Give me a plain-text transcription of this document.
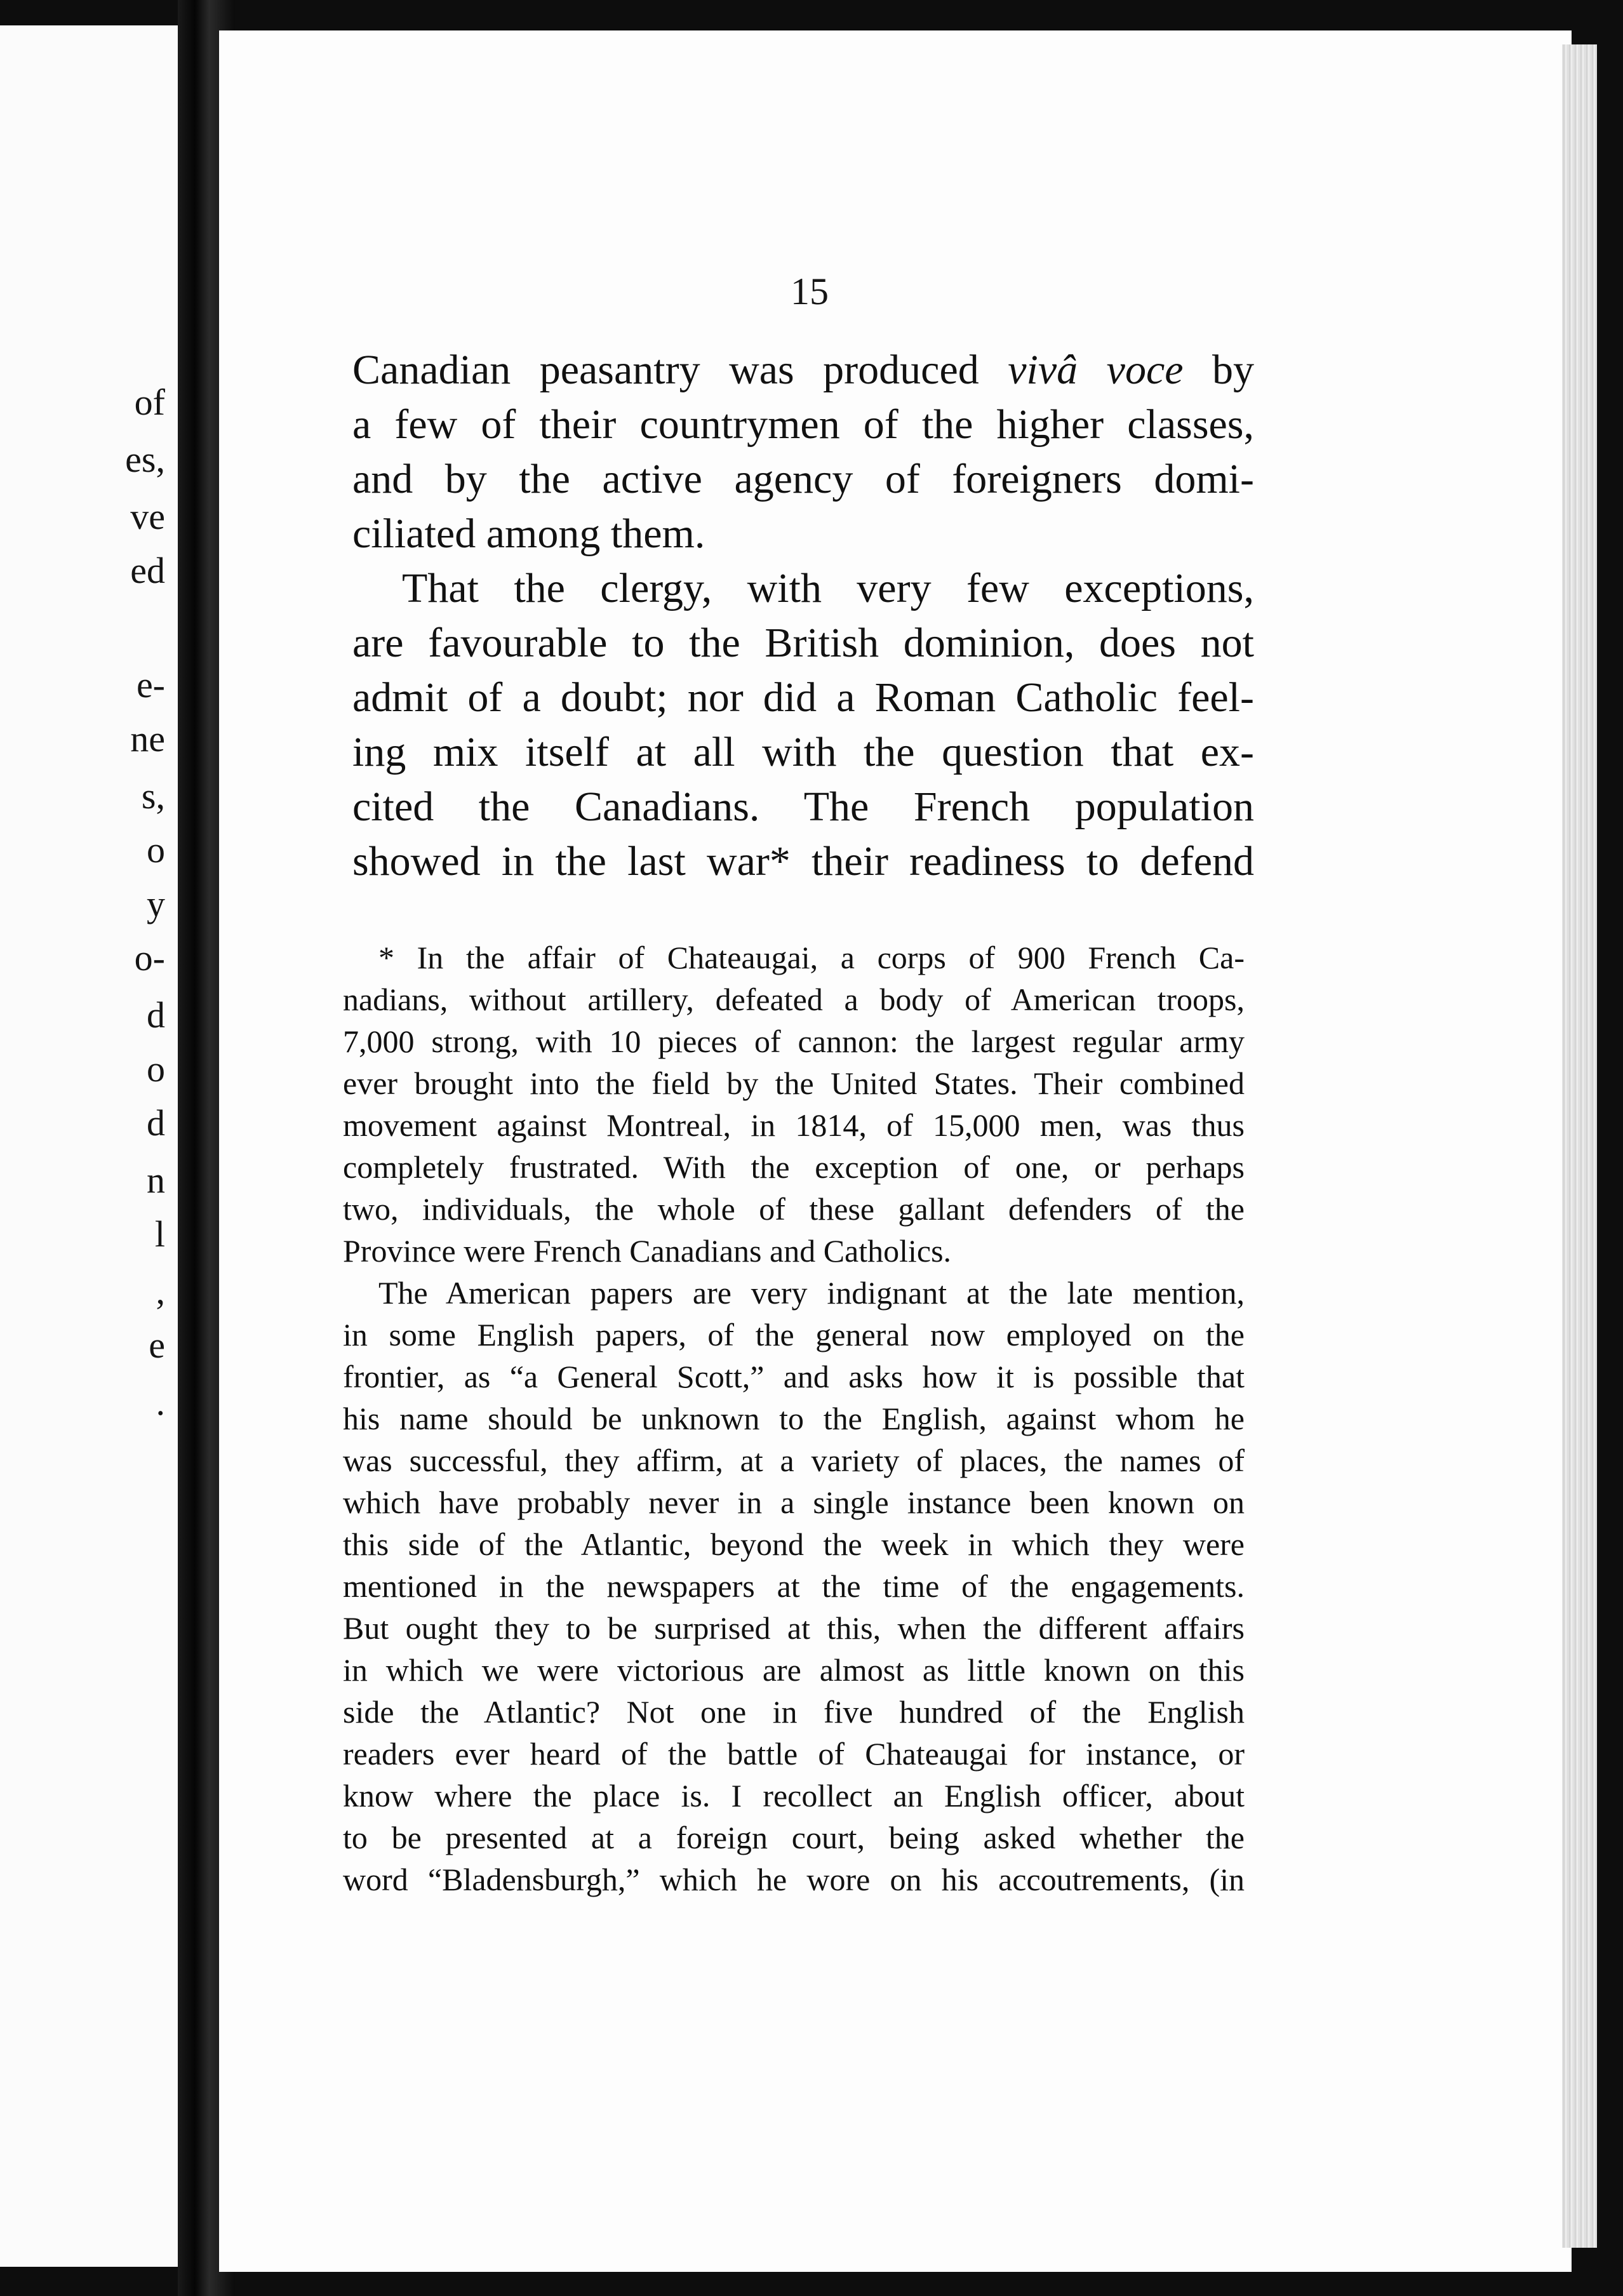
of
es,
ve
ed
e-
ne
s,
o
y
o-
d
o
d
n
l
,
e
.
15
Canadian peasantry was produced vivâ voce by
a few of their countrymen of the higher classes,
and by the active agency of foreigners domi-
ciliated among them.
That the clergy, with very few exceptions,
are favourable to the British dominion, does not
admit of a doubt; nor did a Roman Catholic feel-
ing mix itself at all with the question that ex-
cited the Canadians. The French population
showed in the last war* their readiness to defend
* In the affair of Chateaugai, a corps of 900 French Ca-
nadians, without artillery, defeated a body of American troops,
7,000 strong, with 10 pieces of cannon: the largest regular army
ever brought into the field by the United States. Their combined
movement against Montreal, in 1814, of 15,000 men, was thus
completely frustrated. With the exception of one, or perhaps
two, individuals, the whole of these gallant defenders of the
Province were French Canadians and Catholics.
The American papers are very indignant at the late mention,
in some English papers, of the general now employed on the
frontier, as “a General Scott,” and asks how it is possible that
his name should be unknown to the English, against whom he
was successful, they affirm, at a variety of places, the names of
which have probably never in a single instance been known on
this side of the Atlantic, beyond the week in which they were
mentioned in the newspapers at the time of the engagements.
But ought they to be surprised at this, when the different affairs
in which we were victorious are almost as little known on this
side the Atlantic? Not one in five hundred of the English
readers ever heard of the battle of Chateaugai for instance, or
know where the place is. I recollect an English officer, about
to be presented at a foreign court, being asked whether the
word “Bladensburgh,” which he wore on his accoutrements, (in
